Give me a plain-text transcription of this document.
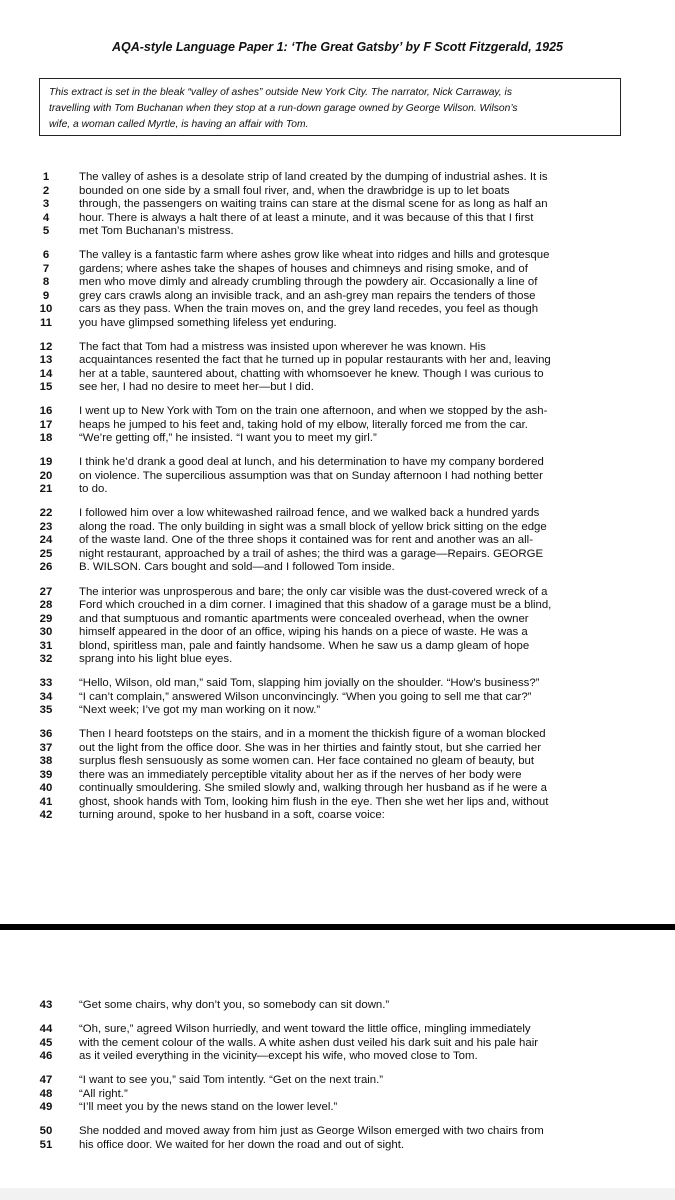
AQA-style Language Paper 1: ‘The Great Gatsby’ by F Scott Fitzgerald, 1925

This extract is set in the bleak “valley of ashes” outside New York City. The narrator, Nick Carraway, is

travelling with Tom Buchanan when they stop at a run-down garage owned by George Wilson. Wilson’s

wife, a woman called Myrtle, is having an affair with Tom.

1	The valley of ashes is a desolate strip of land created by the dumping of industrial ashes. It is
2	bounded on one side by a small foul river, and, when the drawbridge is up to let boats
3	through, the passengers on waiting trains can stare at the dismal scene for as long as half an
4	hour. There is always a halt there of at least a minute, and it was because of this that I first
5	met Tom Buchanan’s mistress.
6	The valley is a fantastic farm where ashes grow like wheat into ridges and hills and grotesque
7	gardens; where ashes take the shapes of houses and chimneys and rising smoke, and of
8	men who move dimly and already crumbling through the powdery air. Occasionally a line of
9	grey cars crawls along an invisible track, and an ash-grey man repairs the tenders of those
10	cars as they pass. When the train moves on, and the grey land recedes, you feel as though
11	you have glimpsed something lifeless yet enduring.
12	The fact that Tom had a mistress was insisted upon wherever he was known. His
13	acquaintances resented the fact that he turned up in popular restaurants with her and, leaving
14	her at a table, sauntered about, chatting with whomsoever he knew. Though I was curious to
15	see her, I had no desire to meet her—but I did.
16	I went up to New York with Tom on the train one afternoon, and when we stopped by the ash-
17	heaps he jumped to his feet and, taking hold of my elbow, literally forced me from the car.
18	“We’re getting off,” he insisted. “I want you to meet my girl.”
19	I think he’d drank a good deal at lunch, and his determination to have my company bordered
20	on violence. The supercilious assumption was that on Sunday afternoon I had nothing better
21	to do.
22	I followed him over a low whitewashed railroad fence, and we walked back a hundred yards
23	along the road. The only building in sight was a small block of yellow brick sitting on the edge
24	of the waste land. One of the three shops it contained was for rent and another was an all-
25	night restaurant, approached by a trail of ashes; the third was a garage—Repairs. GEORGE
26	B. WILSON. Cars bought and sold—and I followed Tom inside.
27	The interior was unprosperous and bare; the only car visible was the dust-covered wreck of a
28	Ford which crouched in a dim corner. I imagined that this shadow of a garage must be a blind,
29	and that sumptuous and romantic apartments were concealed overhead, when the owner
30	himself appeared in the door of an office, wiping his hands on a piece of waste. He was a
31	blond, spiritless man, pale and faintly handsome. When he saw us a damp gleam of hope
32	sprang into his light blue eyes.
33	“Hello, Wilson, old man,” said Tom, slapping him jovially on the shoulder. “How’s business?”
34	“I can’t complain,” answered Wilson unconvincingly. “When you going to sell me that car?”
35	“Next week; I’ve got my man working on it now.”
36	Then I heard footsteps on the stairs, and in a moment the thickish figure of a woman blocked
37	out the light from the office door. She was in her thirties and faintly stout, but she carried her
38	surplus flesh sensuously as some women can. Her face contained no gleam of beauty, but
39	there was an immediately perceptible vitality about her as if the nerves of her body were
40	continually smouldering. She smiled slowly and, walking through her husband as if he were a
41	ghost, shook hands with Tom, looking him flush in the eye. Then she wet her lips and, without
42	turning around, spoke to her husband in a soft, coarse voice:
43	“Get some chairs, why don’t you, so somebody can sit down.”
44	“Oh, sure,” agreed Wilson hurriedly, and went toward the little office, mingling immediately
45	with the cement colour of the walls. A white ashen dust veiled his dark suit and his pale hair
46	as it veiled everything in the vicinity—except his wife, who moved close to Tom.
47	“I want to see you,” said Tom intently. “Get on the next train.”
48	“All right.”
49	“I’ll meet you by the news stand on the lower level.”
50	She nodded and moved away from him just as George Wilson emerged with two chairs from
51	his office door. We waited for her down the road and out of sight.
